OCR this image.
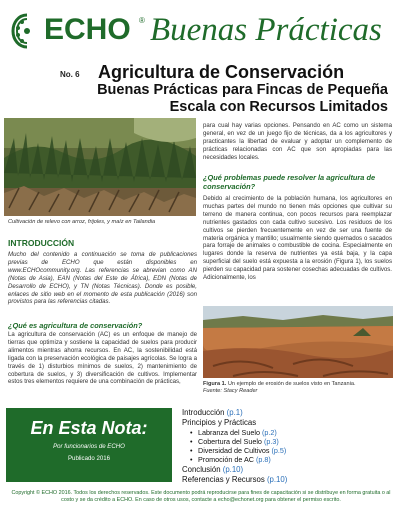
ECHO ® Buenas Prácticas
No. 6 Agricultura de Conservación
Buenas Prácticas para Fincas de Pequeña Escala con Recursos Limitados
Cultivación de relevo con arroz, frijoles, y maíz en Tailandia
INTRODUCCIÓN
Mucho del contenido a continuación se toma de publicaciones previas de ECHO que están disponibles en www.ECHOcommunity.org. Las referencias se abrevian como AN (Notas de Asia), EAN (Notas del Este de África), EDN (Notas de Desarrollo de ECHO), y TN (Notas Técnicas). Donde es posible, enlaces de sitio web en el momento de esta publicación (2016) son provistos para las referencias citadas.
¿Qué es agricultura de conservación?
La agricultura de conservación (AC) es un enfoque de manejo de tierras que optimiza y sostiene la capacidad de suelos para producir alimentos mientras ahorra recursos. En AC, la sostenibilidad está ligada con la preservación ecológica de paisajes agrícolas. Se logra a través de 1) disturbios mínimos de suelos, 2) mantenimiento de cobertura de suelos, y 3) diversificación de cultivos. Implementar estos tres elementos requiere de una combinación de prácticas,
para cual hay varias opciones. Pensando en AC como un sistema general, en vez de un juego fijo de técnicas, da a los agricultores y practicantes la libertad de evaluar y adoptar un complemento de prácticas relacionadas con AC que son apropiadas para las necesidades locales.
¿Qué problemas puede resolver la agricultura de conservación?
Debido al crecimiento de la población humana, los agricultores en muchas partes del mundo no tienen más opciones que cultivar su terreno de manera continua, con pocos recursos para reemplazar nutrientes gastados con cada cultivo sucesivo. Los residuos de los cultivos se pierden frecuentemente en vez de ser una fuente de materia orgánica y mantillo; usualmente siendo quemados o sacados para forraje de animales o combustible de cocina. Especialmente en lugares donde la reserva de nutrientes ya está baja, y la capa superficial del suelo está expuesta a la erosión (Figura 1), los suelos pierden su capacidad para sostener cosechas adecuadas de cultivos. Adicionalmente, los
Figura 1. Un ejemplo de erosión de suelos visto en Tanzania.
Fuente: Stacy Reader
En Esta Nota:
Por funcionarios de ECHO
Publicado 2016
Introducción (p.1)
Principios y Prácticas
• Labranza del Suelo (p.2)
• Cobertura del Suelo (p.3)
• Diversidad de Cultivos (p.5)
• Promoción de AC (p.8)
Conclusión (p.10)
Referencias y Recursos (p.10)
Copyright © ECHO 2016. Todos los derechos reservados. Este documento podrá reproducirse para fines de capacitación si se distribuye en forma gratuita o al costo y se da crédito a ECHO. En caso de otros usos, contacte a echo@echonet.org para obtener el permiso escrito.
